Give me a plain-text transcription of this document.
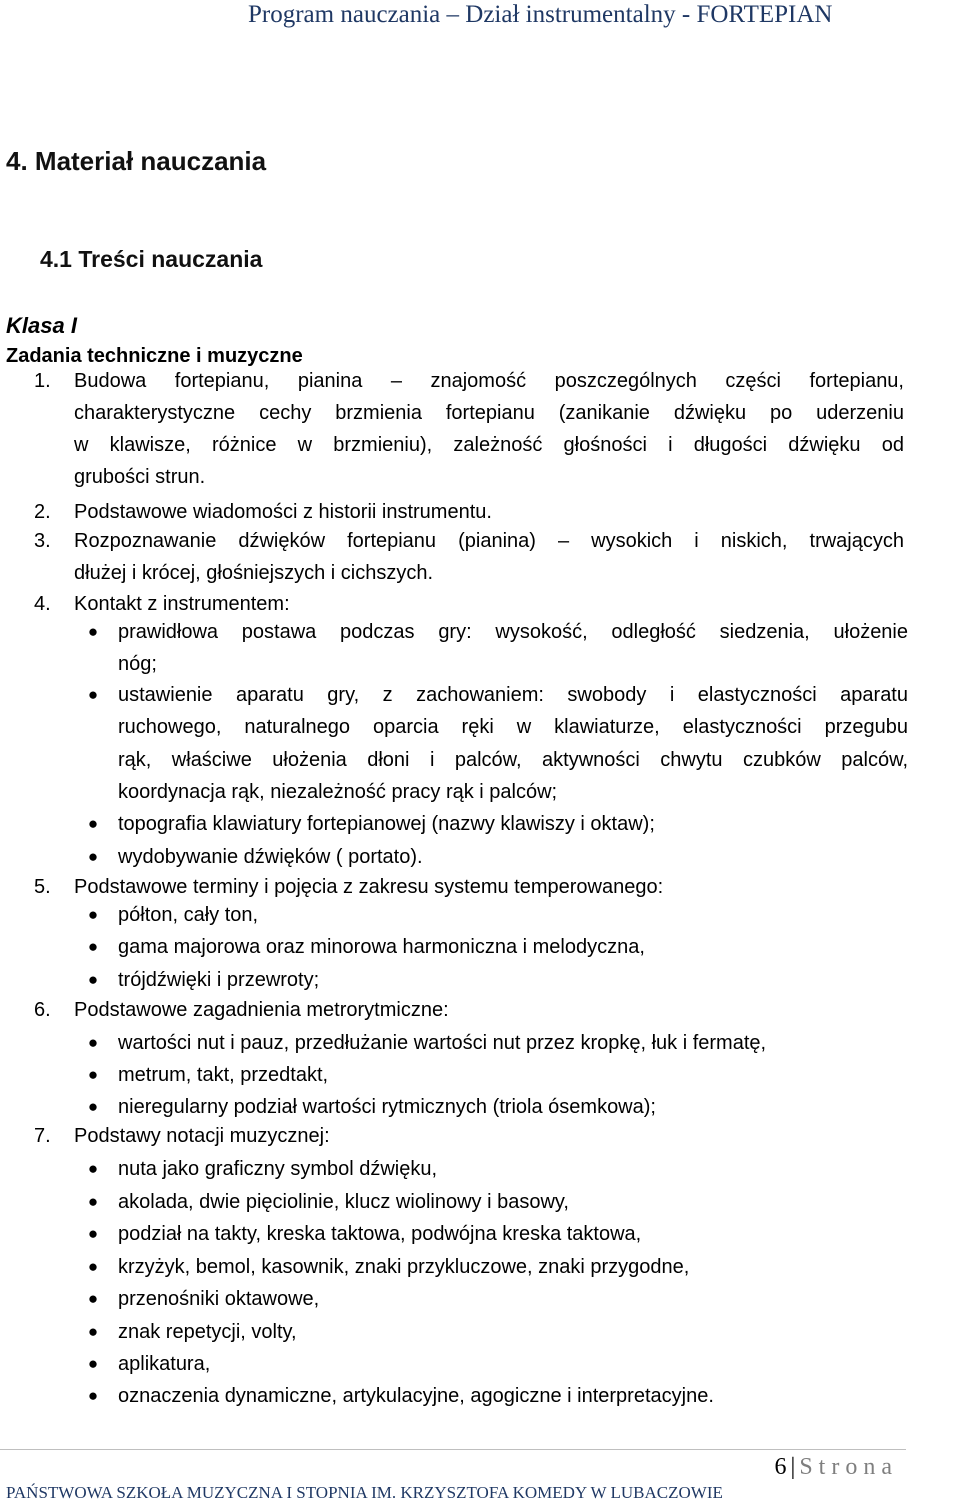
Program nauczania – Dział instrumentalny - FORTEPIAN
4. Materiał nauczania
4.1 Treści nauczania
Klasa I
Zadania techniczne i muzyczne
1.	Budowa fortepianu, pianina – znajomość poszczególnych części fortepianu,
charakterystyczne cechy brzmienia fortepianu (zanikanie dźwięku po uderzeniu
w klawisze, różnice w brzmieniu), zależność głośności i długości dźwięku od
grubości strun.
2.	Podstawowe wiadomości z historii instrumentu.
3.	Rozpoznawanie dźwięków fortepianu (pianina) – wysokich i niskich, trwających
dłużej i krócej, głośniejszych i cichszych.
4.	Kontakt z instrumentem:
● prawidłowa postawa podczas gry: wysokość, odległość siedzenia, ułożenie
nóg;
● ustawienie aparatu gry, z zachowaniem: swobody i elastyczności aparatu
ruchowego, naturalnego oparcia ręki w klawiaturze, elastyczności przegubu
rąk, właściwe ułożenia dłoni i palców, aktywności chwytu czubków palców,
koordynacja rąk, niezależność pracy rąk i palców;
● topografia klawiatury fortepianowej (nazwy klawiszy i oktaw);
● wydobywanie dźwięków ( portato).
5.	Podstawowe terminy i pojęcia z zakresu systemu temperowanego:
● półton, cały ton,
● gama majorowa oraz minorowa harmoniczna i melodyczna,
● trójdźwięki i przewroty;
6.	Podstawowe zagadnienia metrorytmiczne:
● wartości nut i pauz, przedłużanie wartości nut przez kropkę, łuk i fermatę,
● metrum, takt, przedtakt,
● nieregularny podział wartości rytmicznych (triola ósemkowa);
7.	Podstawy notacji muzycznej:
● nuta jako graficzny symbol dźwięku,
● akolada, dwie pięciolinie, klucz wiolinowy i basowy,
● podział na takty, kreska taktowa, podwójna kreska taktowa,
● krzyżyk, bemol, kasownik, znaki przykluczowe, znaki przygodne,
● przenośniki oktawowe,
● znak repetycji, volty,
● aplikatura,
● oznaczenia dynamiczne, artykulacyjne, agogiczne i interpretacyjne.
6 | Strona
PAŃSTWOWA SZKOŁA MUZYCZNA I STOPNIA IM. KRZYSZTOFA KOMEDY W LUBACZOWIE
